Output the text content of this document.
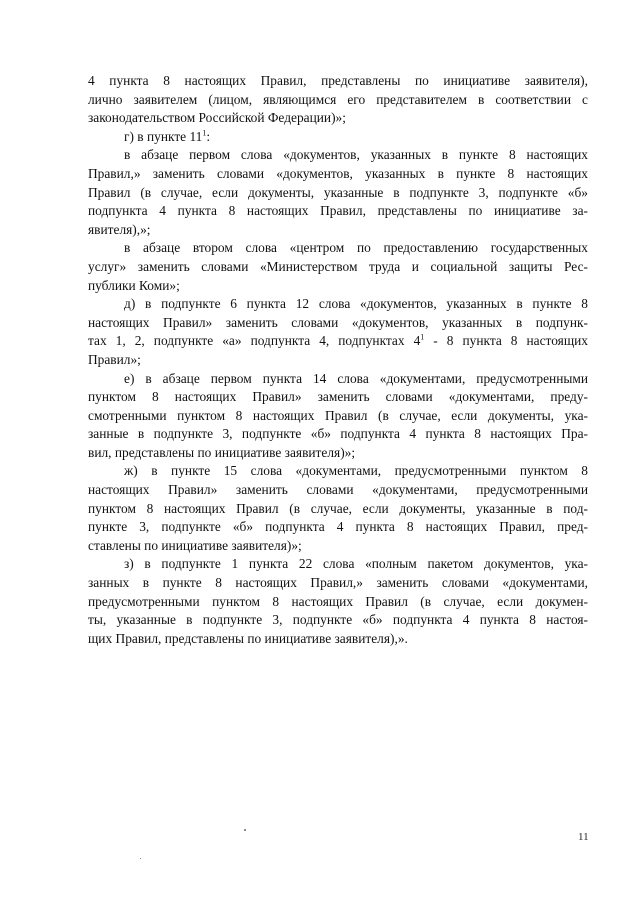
4 пункта 8 настоящих Правил, представлены по инициативе заявителя),
лично заявителем (лицом, являющимся его представителем в соответствии с
законодательством Российской Федерации)»;
г) в пункте $11^1$:
в абзаце первом слова «документов, указанных в пункте 8 настоящих
Правил,» заменить словами «документов, указанных в пункте 8 настоящих
Правил (в случае, если документы, указанные в подпункте 3, подпункте «б»
подпункта 4 пункта 8 настоящих Правил, представлены по инициативе за-
явителя),»;
в абзаце втором слова «центром по предоставлению государственных
услуг» заменить словами «Министерством труда и социальной защиты Рес-
публики Коми»;
д) в подпункте 6 пункта 12 слова «документов, указанных в пункте 8
настоящих Правил» заменить словами «документов, указанных в подпунк-
тах 1, 2, подпункте «а» подпункта 4, подпунктах $4^1 - 8$ пункта 8 настоящих
Правил»;
е) в абзаце первом пункта 14 слова «документами, предусмотренными
пунктом 8 настоящих Правил» заменить словами «документами, преду-
смотренными пунктом 8 настоящих Правил (в случае, если документы, ука-
занные в подпункте 3, подпункте «б» подпункта 4 пункта 8 настоящих Пра-
вил, представлены по инициативе заявителя)»;
ж) в пункте 15 слова «документами, предусмотренными пунктом 8
настоящих Правил» заменить словами «документами, предусмотренными
пунктом 8 настоящих Правил (в случае, если документы, указанные в под-
пункте 3, подпункте «б» подпункта 4 пункта 8 настоящих Правил, пред-
ставлены по инициативе заявителя)»;
з) в подпункте 1 пункта 22 слова «полным пакетом документов, ука-
занных в пункте 8 настоящих Правил,» заменить словами «документами,
предусмотренными пунктом 8 настоящих Правил (в случае, если докумен-
ты, указанные в подпункте 3, подпункте «б» подпункта 4 пункта 8 настоя-
щих Правил, представлены по инициативе заявителя),».
11
